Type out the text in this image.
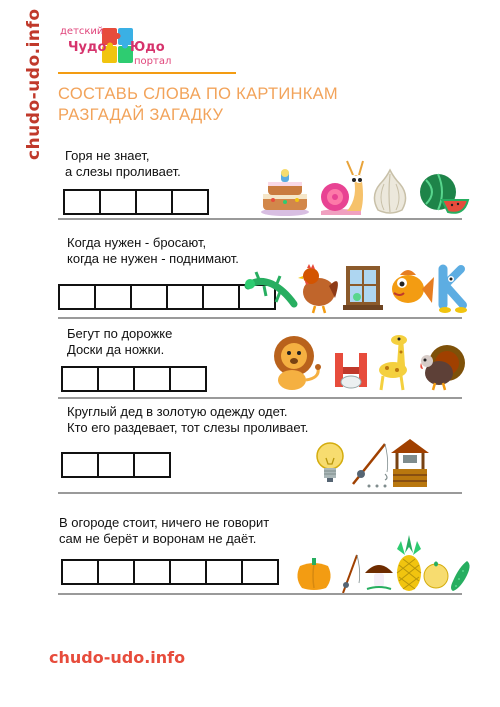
chudo-udo.info детский
Чудо Юдо
портал
СОСТАВЬ СЛОВА ПО КАРТИНКАМ
РАЗГАДАЙ ЗАГАДКУ
Горя не знает,
а слезы проливает.
Когда нужен - бросают,
когда не нужен - поднимают.
Бегут по дорожке
Доски да ножки.
Круглый дед в золотую одежду одет.
Кто его раздевает, тот слезы проливает.
В огороде стоит, ничего не говорит
сам не берёт и воронам не даёт.
chudo-udo.info
